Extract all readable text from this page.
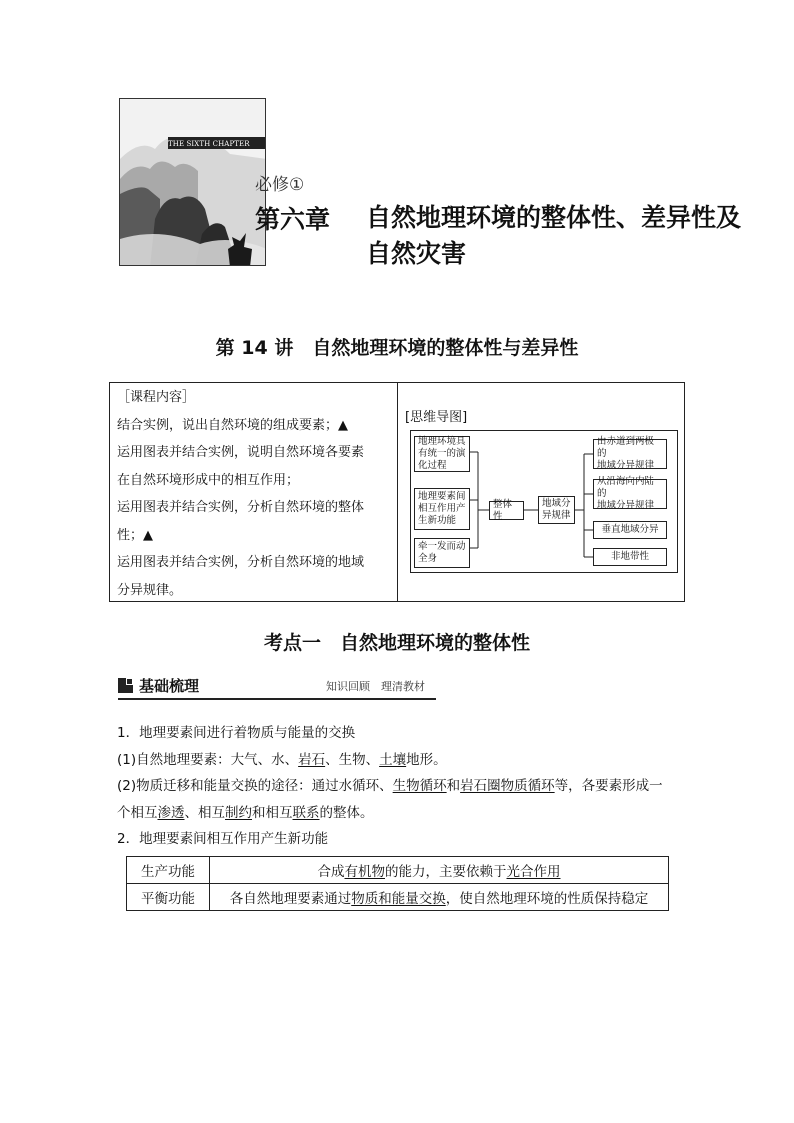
THE SIXTH CHAPTER
必修①
第六章 自然地理环境的整体性、差异性及
自然灾害
第 14 讲　自然地理环境的整体性与差异性
［课程内容］
结合实例，说出自然环境的组成要素；▲
运用图表并结合实例，说明自然环境各要素
在自然环境形成中的相互作用；
运用图表并结合实例，分析自然环境的整体
性；▲
运用图表并结合实例，分析自然环境的地域
分异规律。
[思维导图]
地理环境具
有统一的演
化过程
地理要素间
相互作用产
生新功能
牵一发而动
全身
整体性
地域分
异规律
由赤道到两极的
地域分异规律
从沿海向内陆的
地域分异规律
垂直地域分异
非地带性
考点一　自然地理环境的整体性
基础梳理	知识回顾　理清教材
1．地理要素间进行着物质与能量的交换
(1)自然地理要素：大气、水、岩石、生物、土壤地形。
(2)物质迁移和能量交换的途径：通过水循环、生物循环和岩石圈物质循环等，各要素形成一
个相互渗透、相互制约和相互联系的整体。
2．地理要素间相互作用产生新功能
生产功能	合成有机物的能力，主要依赖于光合作用
平衡功能	各自然地理要素通过物质和能量交换，使自然地理环境的性质保持稳定
